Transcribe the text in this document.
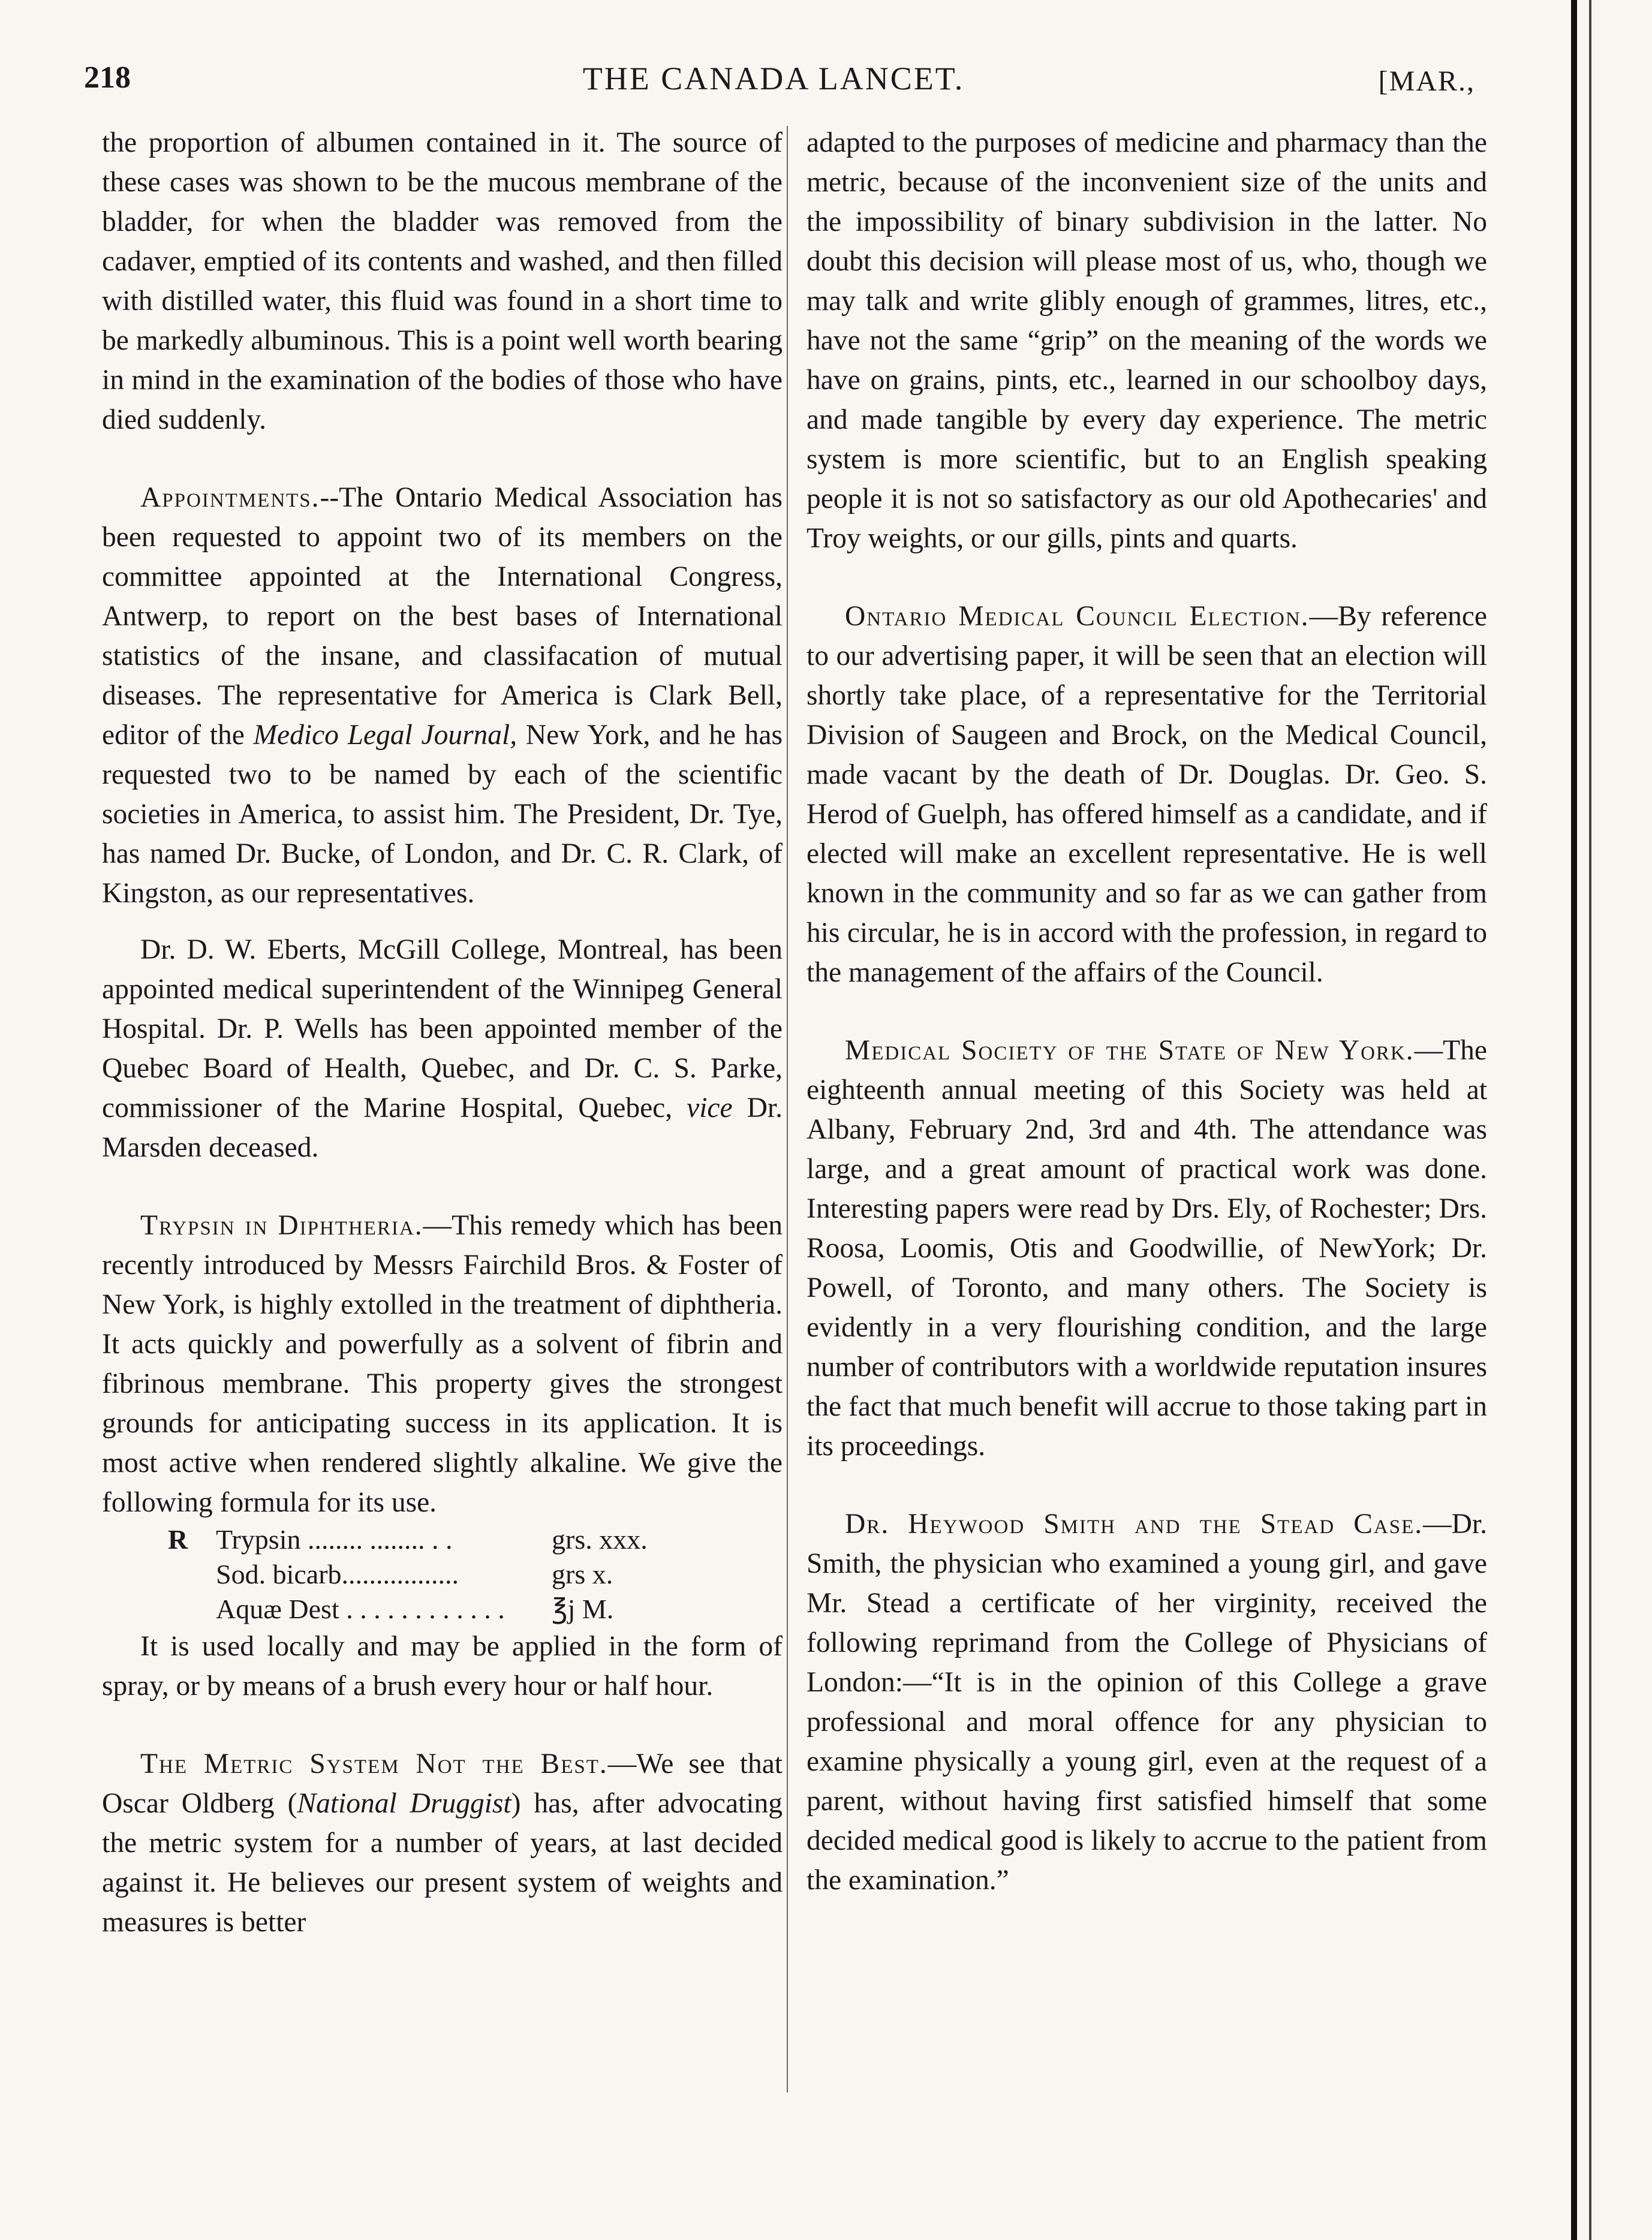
218	THE CANADA LANCET.	[MAR.,

the proportion of albumen contained in it. The source of these cases was shown to be the mucous membrane of the bladder, for when the bladder was removed from the cadaver, emptied of its contents and washed, and then filled with distilled water, this fluid was found in a short time to be markedly albuminous. This is a point well worth bearing in mind in the examination of the bodies of those who have died suddenly.

Appointments.--The Ontario Medical Association has been requested to appoint two of its members on the committee appointed at the International Congress, Antwerp, to report on the best bases of International statistics of the insane, and classifacation of mutual diseases. The representative for America is Clark Bell, editor of the Medico Legal Journal, New York, and he has requested two to be named by each of the scientific societies in America, to assist him. The President, Dr. Tye, has named Dr. Bucke, of London, and Dr. C. R. Clark, of Kingston, as our representatives.

Dr. D. W. Eberts, McGill College, Montreal, has been appointed medical superintendent of the Winnipeg General Hospital. Dr. P. Wells has been appointed member of the Quebec Board of Health, Quebec, and Dr. C. S. Parke, commissioner of the Marine Hospital, Quebec, vice Dr. Marsden deceased.

Trypsin in Diphtheria.—This remedy which has been recently introduced by Messrs Fairchild Bros. & Foster of New York, is highly extolled in the treatment of diphtheria. It acts quickly and powerfully as a solvent of fibrin and fibrinous membrane. This property gives the strongest grounds for anticipating success in its application. It is most active when rendered slightly alkaline. We give the following formula for its use.

R	Trypsin ........ ........ . .	grs. xxx.
Sod. bicarb.................	grs x.
Aquæ Dest . . . . . . . . . . . .	℥j M.

It is used locally and may be applied in the form of spray, or by means of a brush every hour or half hour.

The Metric System Not the Best.—We see that Oscar Oldberg (National Druggist) has, after advocating the metric system for a number of years, at last decided against it. He believes our present system of weights and measures is better

adapted to the purposes of medicine and pharmacy than the metric, because of the inconvenient size of the units and the impossibility of binary subdivision in the latter. No doubt this decision will please most of us, who, though we may talk and write glibly enough of grammes, litres, etc., have not the same “grip” on the meaning of the words we have on grains, pints, etc., learned in our schoolboy days, and made tangible by every day experience. The metric system is more scientific, but to an English speaking people it is not so satisfactory as our old Apothecaries' and Troy weights, or our gills, pints and quarts.

Ontario Medical Council Election.—By reference to our advertising paper, it will be seen that an election will shortly take place, of a representative for the Territorial Division of Saugeen and Brock, on the Medical Council, made vacant by the death of Dr. Douglas. Dr. Geo. S. Herod of Guelph, has offered himself as a candidate, and if elected will make an excellent representative. He is well known in the community and so far as we can gather from his circular, he is in accord with the profession, in regard to the management of the affairs of the Council.

Medical Society of the State of New York.—The eighteenth annual meeting of this Society was held at Albany, February 2nd, 3rd and 4th. The attendance was large, and a great amount of practical work was done. Interesting papers were read by Drs. Ely, of Rochester; Drs. Roosa, Loomis, Otis and Goodwillie, of NewYork; Dr. Powell, of Toronto, and many others. The Society is evidently in a very flourishing condition, and the large number of contributors with a worldwide reputation insures the fact that much benefit will accrue to those taking part in its proceedings.

Dr. Heywood Smith and the Stead Case.—Dr. Smith, the physician who examined a young girl, and gave Mr. Stead a certificate of her virginity, received the following reprimand from the College of Physicians of London:—“It is in the opinion of this College a grave professional and moral offence for any physician to examine physically a young girl, even at the request of a parent, without having first satisfied himself that some decided medical good is likely to accrue to the patient from the examination.”
